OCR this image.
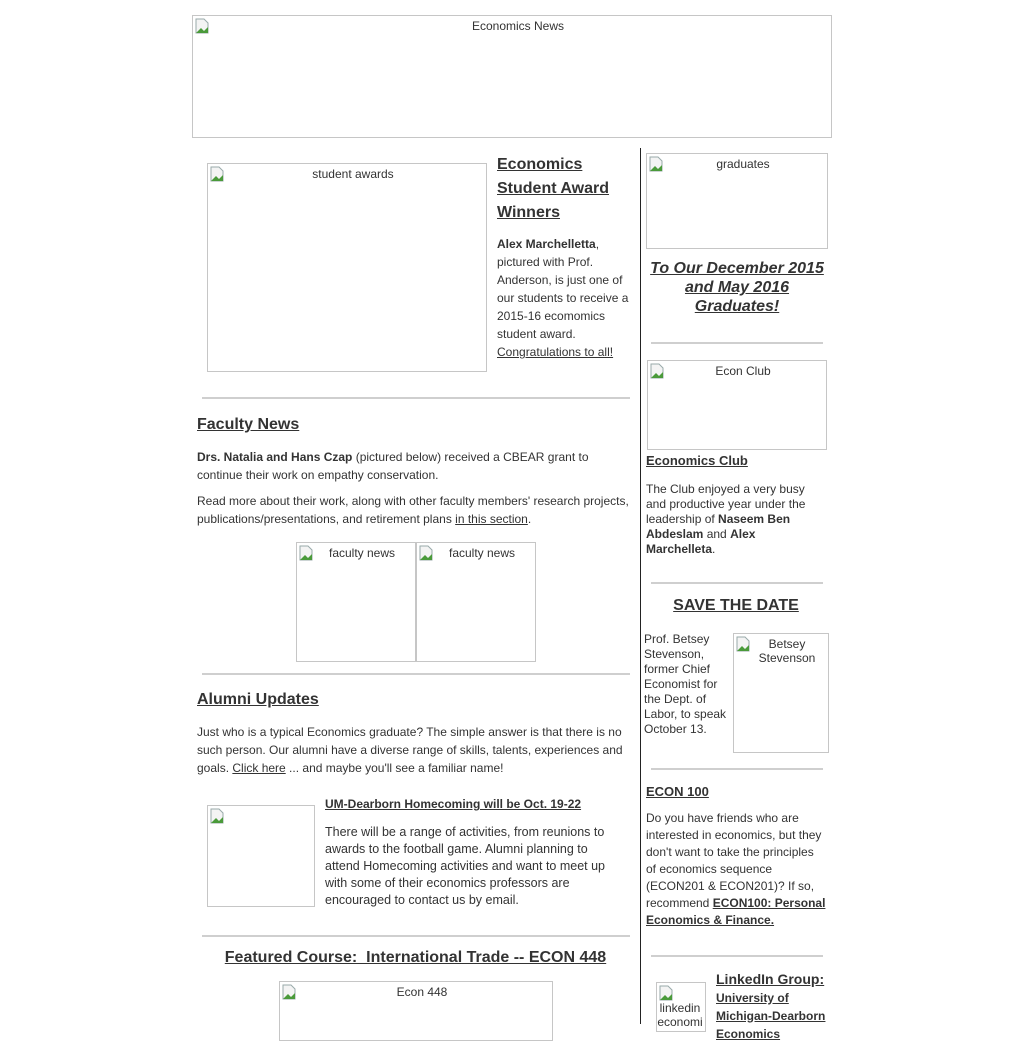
Economics News
student awards
Economics
Student Award
Winners
Alex Marchelletta,
pictured with Prof.
Anderson, is just one of
our students to receive a
2015-16 ecomomics
student award.
Congratulations to all!
Faculty News
Drs. Natalia and Hans Czap (pictured below) received a CBEAR grant to
continue their work on empathy conservation.
Read more about their work, along with other faculty members' research projects,
publications/presentations, and retirement plans in this section.
faculty news	faculty news
Alumni Updates
Just who is a typical Economics graduate? The simple answer is that there is no
such person. Our alumni have a diverse range of skills, talents, experiences and
goals. Click here ... and maybe you'll see a familiar name!
UM-Dearborn Homecoming will be Oct. 19-22
There will be a range of activities, from reunions to
awards to the football game. Alumni planning to
attend Homecoming activities and want to meet up
with some of their economics professors are
encouraged to contact us by email.
Featured Course:  International Trade -- ECON 448
Econ 448
graduates
To Our December 2015
and May 2016
Graduates!
Econ Club
Economics Club
The Club enjoyed a very busy
and productive year under the
leadership of Naseem Ben
Abdeslam and Alex
Marchelleta.
SAVE THE DATE
Prof. Betsey
Stevenson,
former Chief
Economist for
the Dept. of
Labor, to speak
October 13.
Betsey Stevenson
ECON 100
Do you have friends who are
interested in economics, but they
don't want to take the principles
of economics sequence
(ECON201 & ECON201)? If so,
recommend ECON100: Personal
Economics & Finance.
linkedin economi
LinkedIn Group:
University of
Michigan-Dearborn
Economics
